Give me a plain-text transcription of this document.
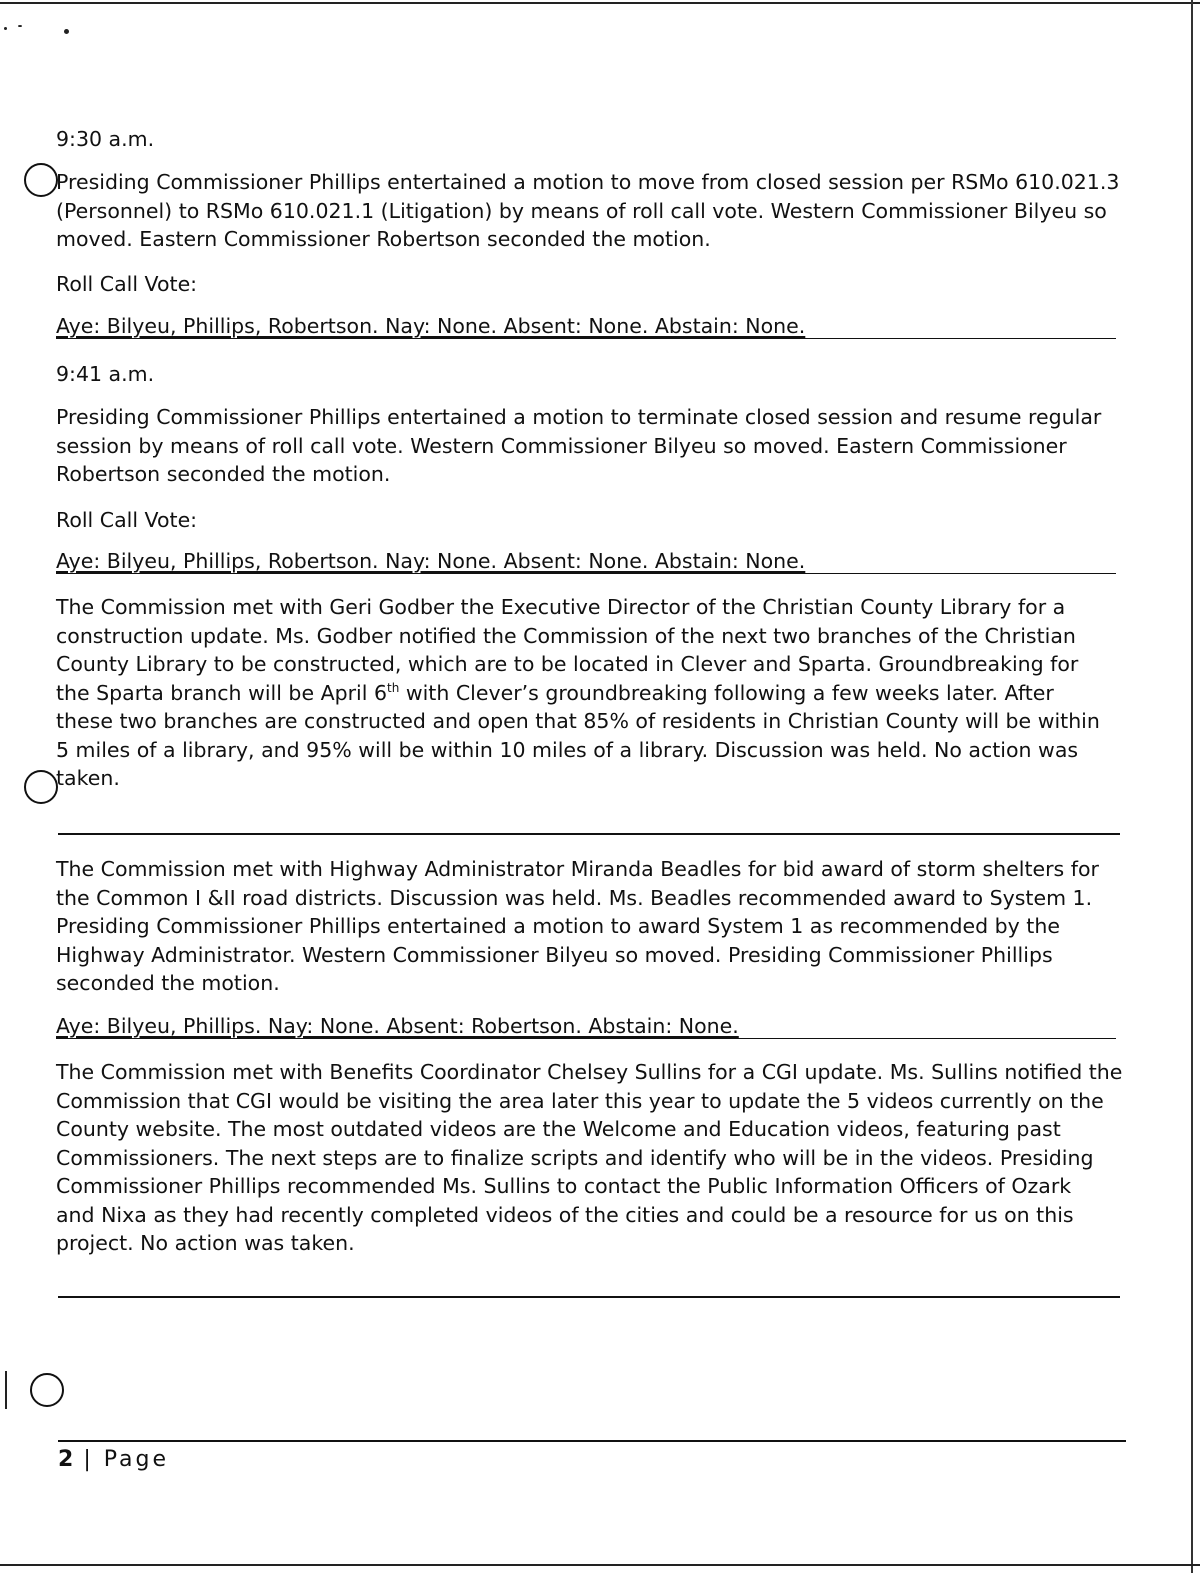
9:30 a.m.
Presiding Commissioner Phillips entertained a motion to move from closed session per RSMo 610.021.3
(Personnel) to RSMo 610.021.1 (Litigation) by means of roll call vote. Western Commissioner Bilyeu so
moved. Eastern Commissioner Robertson seconded the motion.
Roll Call Vote:
Aye: Bilyeu, Phillips, Robertson. Nay: None. Absent: None. Abstain: None.
9:41 a.m.
Presiding Commissioner Phillips entertained a motion to terminate closed session and resume regular
session by means of roll call vote. Western Commissioner Bilyeu so moved. Eastern Commissioner
Robertson seconded the motion.
Roll Call Vote:
Aye: Bilyeu, Phillips, Robertson. Nay: None. Absent: None. Abstain: None.
The Commission met with Geri Godber the Executive Director of the Christian County Library for a
construction update. Ms. Godber notified the Commission of the next two branches of the Christian
County Library to be constructed, which are to be located in Clever and Sparta. Groundbreaking for
the Sparta branch will be April 6th with Clever’s groundbreaking following a few weeks later. After
these two branches are constructed and open that 85% of residents in Christian County will be within
5 miles of a library, and 95% will be within 10 miles of a library. Discussion was held. No action was
taken.
The Commission met with Highway Administrator Miranda Beadles for bid award of storm shelters for
the Common I &II road districts. Discussion was held. Ms. Beadles recommended award to System 1.
Presiding Commissioner Phillips entertained a motion to award System 1 as recommended by the
Highway Administrator. Western Commissioner Bilyeu so moved. Presiding Commissioner Phillips
seconded the motion.
Aye: Bilyeu, Phillips. Nay: None. Absent: Robertson. Abstain: None.
The Commission met with Benefits Coordinator Chelsey Sullins for a CGI update. Ms. Sullins notified the
Commission that CGI would be visiting the area later this year to update the 5 videos currently on the
County website. The most outdated videos are the Welcome and Education videos, featuring past
Commissioners. The next steps are to finalize scripts and identify who will be in the videos. Presiding
Commissioner Phillips recommended Ms. Sullins to contact the Public Information Officers of Ozark
and Nixa as they had recently completed videos of the cities and could be a resource for us on this
project. No action was taken.
2 | Page
